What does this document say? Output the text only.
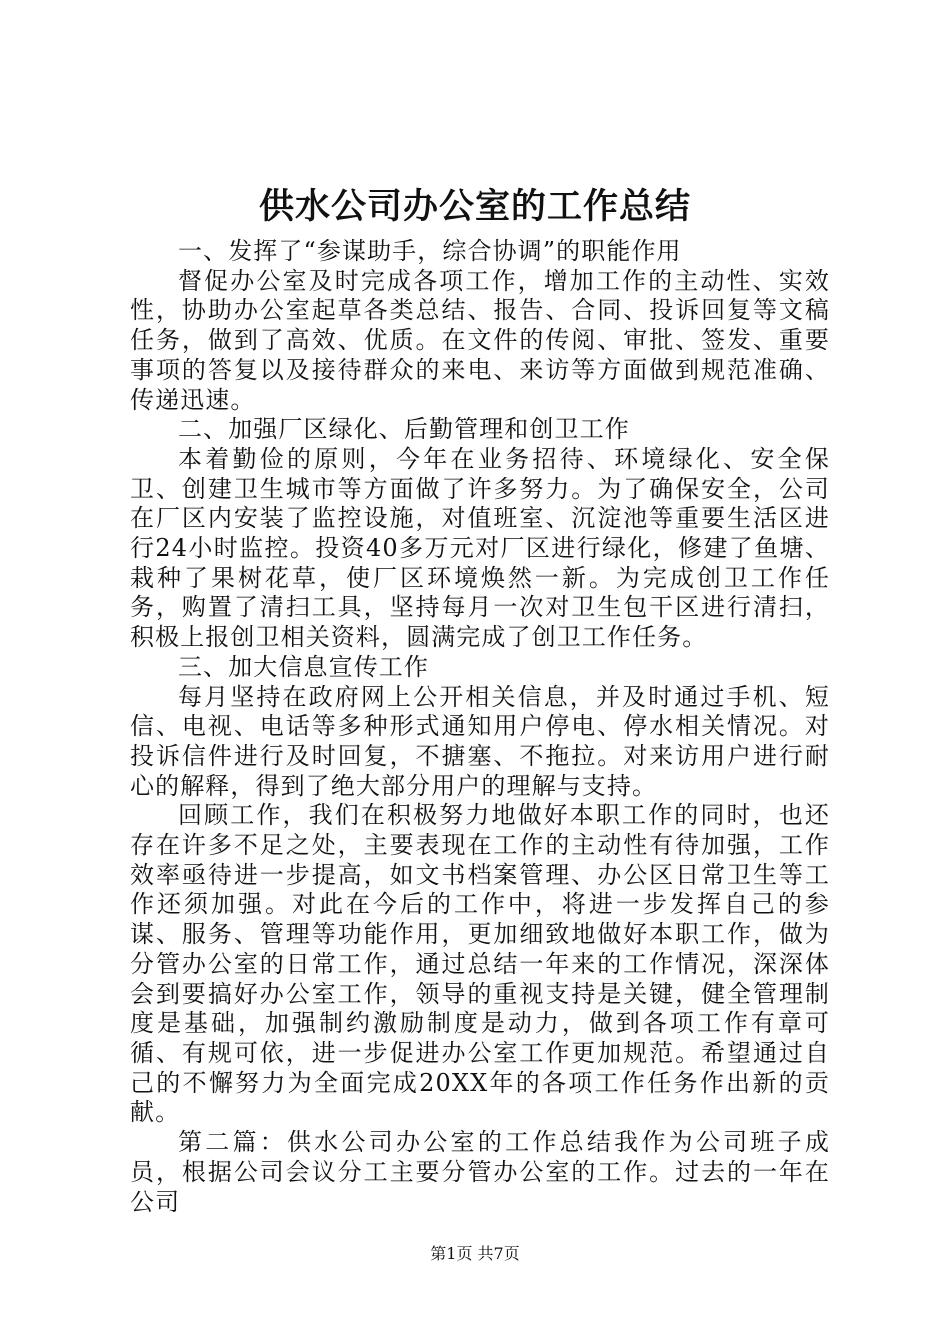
供水公司办公室的工作总结

一、发挥了“参谋助手，综合协调”的职能作用

督促办公室及时完成各项工作，增加工作的主动性、实效性，协助办公室起草各类总结、报告、合同、投诉回复等文稿任务，做到了高效、优质。在文件的传阅、审批、签发、重要事项的答复以及接待群众的来电、来访等方面做到规范准确、传递迅速。

二、加强厂区绿化、后勤管理和创卫工作

本着勤俭的原则，今年在业务招待、环境绿化、安全保卫、创建卫生城市等方面做了许多努力。为了确保安全，公司在厂区内安装了监控设施，对值班室、沉淀池等重要生活区进行24小时监控。投资40多万元对厂区进行绿化，修建了鱼塘、栽种了果树花草，使厂区环境焕然一新。为完成创卫工作任务，购置了清扫工具，坚持每月一次对卫生包干区进行清扫，积极上报创卫相关资料，圆满完成了创卫工作任务。

三、加大信息宣传工作

每月坚持在政府网上公开相关信息，并及时通过手机、短信、电视、电话等多种形式通知用户停电、停水相关情况。对投诉信件进行及时回复，不搪塞、不拖拉。对来访用户进行耐心的解释，得到了绝大部分用户的理解与支持。

回顾工作，我们在积极努力地做好本职工作的同时，也还存在许多不足之处，主要表现在工作的主动性有待加强，工作效率亟待进一步提高，如文书档案管理、办公区日常卫生等工作还须加强。对此在今后的工作中，将进一步发挥自己的参谋、服务、管理等功能作用，更加细致地做好本职工作，做为分管办公室的日常工作，通过总结一年来的工作情况，深深体会到要搞好办公室工作，领导的重视支持是关键，健全管理制度是基础，加强制约激励制度是动力，做到各项工作有章可循、有规可依，进一步促进办公室工作更加规范。希望通过自己的不懈努力为全面完成20XX年的各项工作任务作出新的贡献。

第二篇：供水公司办公室的工作总结我作为公司班子成员，根据公司会议分工主要分管办公室的工作。过去的一年在公司

第1页 共7页
